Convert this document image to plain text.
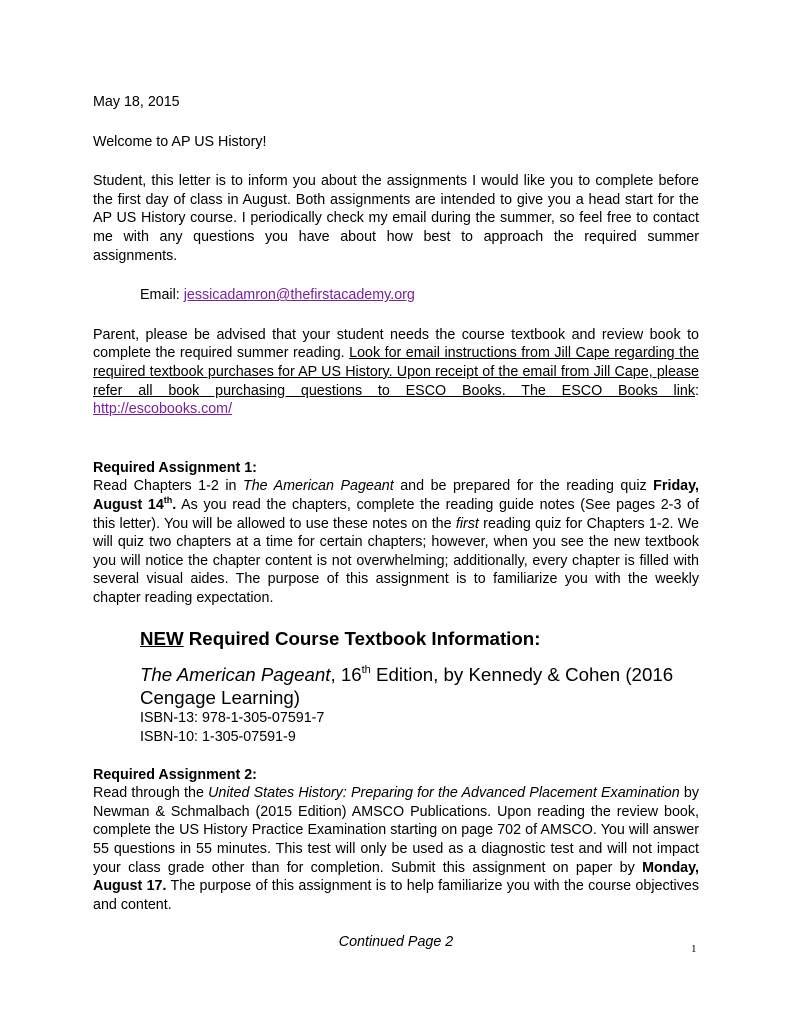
May 18, 2015

Welcome to AP US History!

Student, this letter is to inform you about the assignments I would like you to complete before the first day of class in August. Both assignments are intended to give you a head start for the AP US History course. I periodically check my email during the summer, so feel free to contact me with any questions you have about how best to approach the required summer assignments.

Email: jessicadamron@thefirstacademy.org

Parent, please be advised that your student needs the course textbook and review book to complete the required summer reading. Look for email instructions from Jill Cape regarding the required textbook purchases for AP US History. Upon receipt of the email from Jill Cape, please refer all book purchasing questions to ESCO Books. The ESCO Books link: http://escobooks.com/

Required Assignment 1:

Read Chapters 1-2 in The American Pageant and be prepared for the reading quiz Friday, August 14th. As you read the chapters, complete the reading guide notes (See pages 2-3 of this letter). You will be allowed to use these notes on the first reading quiz for Chapters 1-2. We will quiz two chapters at a time for certain chapters; however, when you see the new textbook you will notice the chapter content is not overwhelming; additionally, every chapter is filled with several visual aides. The purpose of this assignment is to familiarize you with the weekly chapter reading expectation.

NEW Required Course Textbook Information:

The American Pageant, 16th Edition, by Kennedy & Cohen (2016 Cengage Learning)

ISBN-13: 978-1-305-07591-7

ISBN-10: 1-305-07591-9

Required Assignment 2:

Read through the United States History: Preparing for the Advanced Placement Examination by Newman & Schmalbach (2015 Edition) AMSCO Publications. Upon reading the review book, complete the US History Practice Examination starting on page 702 of AMSCO. You will answer 55 questions in 55 minutes. This test will only be used as a diagnostic test and will not impact your class grade other than for completion. Submit this assignment on paper by Monday, August 17. The purpose of this assignment is to help familiarize you with the course objectives and content.

Continued Page 2	1
